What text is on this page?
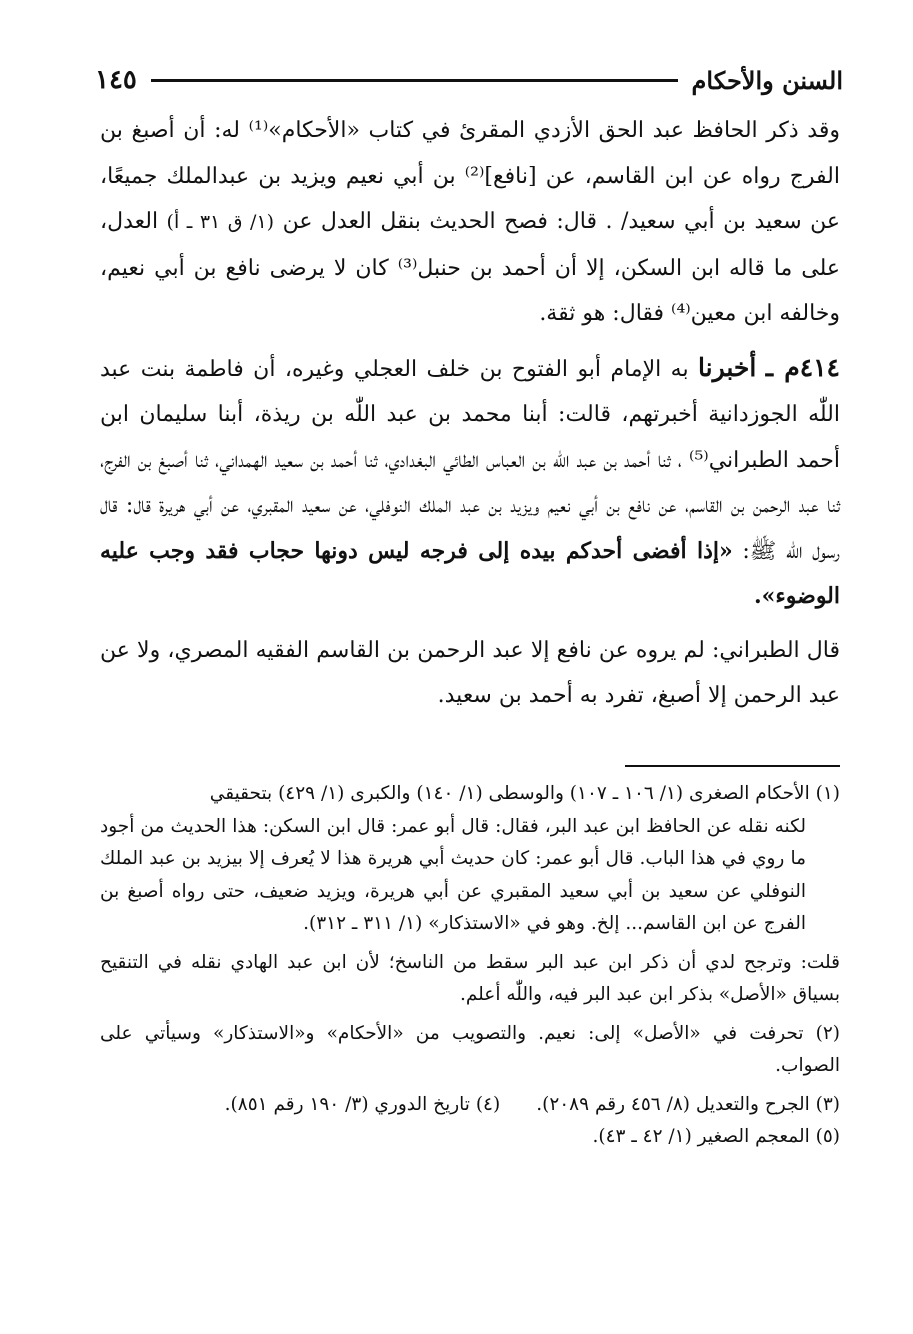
السنن والأحكام
١٤٥

وقد ذكر الحافظ عبد الحق الأزدي المقرئ في كتاب «الأحكام»⁽¹⁾ له: أن أصبغ بن الفرج رواه عن ابن القاسم، عن [نافع]⁽²⁾ بن أبي نعيم ويزيد بن عبدالملك جميعًا، عن سعيد بن أبي سعيد/ . قال: فصح الحديث بنقل العدل عن (١/ ق ٣١ ـ أ) العدل، على ما قاله ابن السكن، إلا أن أحمد بن حنبل⁽³⁾ كان لا يرضى نافع بن أبي نعيم، وخالفه ابن معين⁽⁴⁾ فقال: هو ثقة.

٤١٤م ـ أخبرنا به الإمام أبو الفتوح بن خلف العجلي وغيره، أن فاطمة بنت عبد اللّٰه الجوزدانية أخبرتهم، قالت: أبنا محمد بن عبد اللّٰه بن ريذة، أبنا سليمان ابن أحمد الطبراني⁽⁵⁾ ، ثنا أحمد بن عبد اللّٰه بن العباس الطائي البغدادي، ثنا أحمد بن سعيد الهمداني، ثنا أصبغ بن الفرج، ثنا عبد الرحمن بن القاسم، عن نافع بن أبي نعيم ويزيد بن عبد الملك النوفلي، عن سعيد المقبري، عن أبي هريرة قال: قال رسول اللّٰه ﷺ: «إذا أفضى أحدكم بيده إلى فرجه ليس دونها حجاب فقد وجب عليه الوضوء».

قال الطبراني: لم يروه عن نافع إلا عبد الرحمن بن القاسم الفقيه المصري، ولا عن عبد الرحمن إلا أصبغ، تفرد به أحمد بن سعيد.

(١) الأحكام الصغرى (١/ ١٠٦ ـ ١٠٧) والوسطى (١/ ١٤٠) والكبرى (١/ ٤٢٩) بتحقيقي

لكنه نقله عن الحافظ ابن عبد البر، فقال: قال أبو عمر: قال ابن السكن: هذا الحديث من أجود ما روي في هذا الباب. قال أبو عمر: كان حديث أبي هريرة هذا لا يُعرف إلا بيزيد بن عبد الملك النوفلي عن سعيد بن أبي سعيد المقبري عن أبي هريرة، ويزيد ضعيف، حتى رواه أصبغ بن الفرج عن ابن القاسم... إلخ. وهو في «الاستذكار» (١/ ٣١١ ـ ٣١٢).

قلت: وترجح لدي أن ذكر ابن عبد البر سقط من الناسخ؛ لأن ابن عبد الهادي نقله في التنقيح بسياق «الأصل» بذكر ابن عبد البر فيه، واللّٰه أعلم.

(٢) تحرفت في «الأصل» إلى: نعيم. والتصويب من «الأحكام» و«الاستذكار» وسيأتي على الصواب.

(٣) الجرح والتعديل (٨/ ٤٥٦ رقم ٢٠٨٩).
(٤) تاريخ الدوري (٣/ ١٩٠ رقم ٨٥١).

(٥) المعجم الصغير (١/ ٤٢ ـ ٤٣).
